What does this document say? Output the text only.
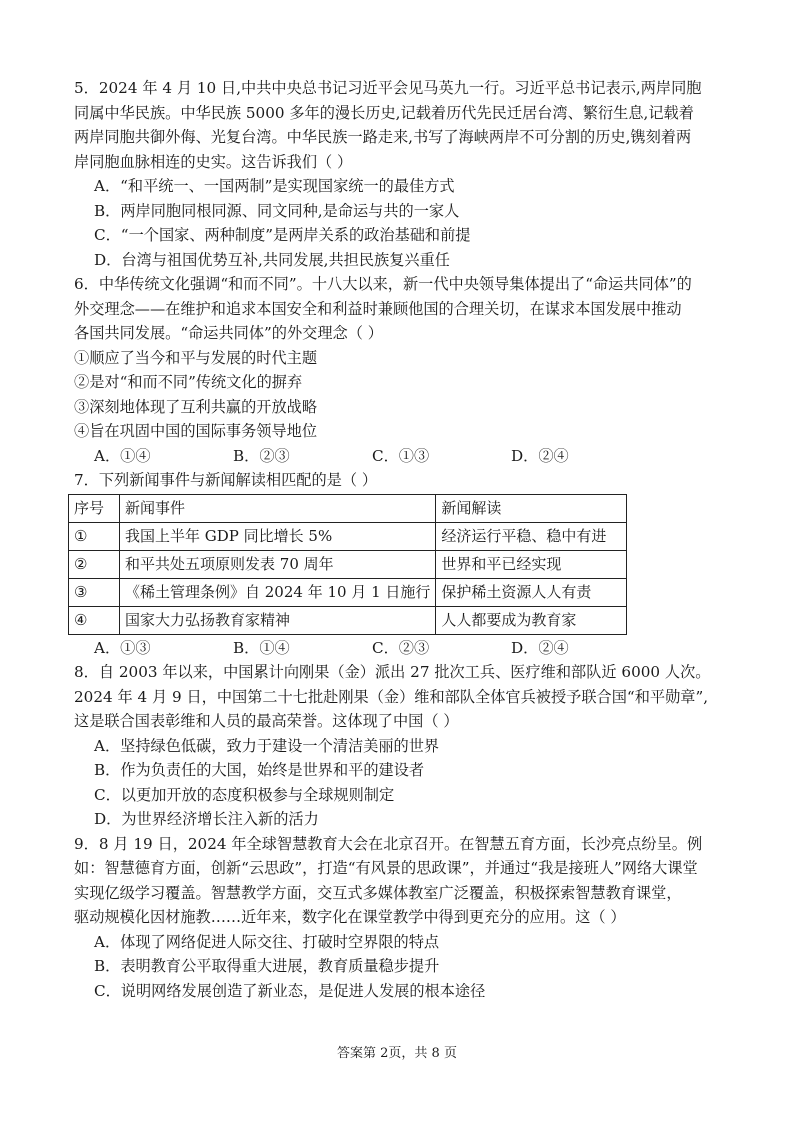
5．2024 年 4 月 10 日,中共中央总书记习近平会见马英九一行。习近平总书记表示,两岸同胞

同属中华民族。中华民族 5000 多年的漫长历史,记载着历代先民迁居台湾、繁衍生息,记载着

两岸同胞共御外侮、光复台湾。中华民族一路走来,书写了海峡两岸不可分割的历史,镌刻着两

岸同胞血脉相连的史实。这告诉我们（ ）

A．“和平统一、一国两制”是实现国家统一的最佳方式

B．两岸同胞同根同源、同文同种,是命运与共的一家人

C．“一个国家、两种制度”是两岸关系的政治基础和前提

D．台湾与祖国优势互补,共同发展,共担民族复兴重任

6．中华传统文化强调“和而不同”。十八大以来，新一代中央领导集体提出了“命运共同体”的

外交理念——在维护和追求本国安全和利益时兼顾他国的合理关切，在谋求本国发展中推动

各国共同发展。“命运共同体”的外交理念（ ）

①顺应了当今和平与发展的时代主题

②是对“和而不同”传统文化的摒弃

③深刻地体现了互利共赢的开放战略

④旨在巩固中国的国际事务领导地位

A．①④	B．②③	C．①③	D．②④

7．下列新闻事件与新闻解读相匹配的是（ ）

序号	新闻事件	新闻解读
①	我国上半年 GDP 同比增长 5%	经济运行平稳、稳中有进
②	和平共处五项原则发表 70 周年	世界和平已经实现
③	《稀土管理条例》自 2024 年 10 月 1 日施行	保护稀土资源人人有责
④	国家大力弘扬教育家精神	人人都要成为教育家
A．①③	B．①④	C．②③	D．②④

8．自 2003 年以来，中国累计向刚果（金）派出 27 批次工兵、医疗维和部队近 6000 人次。

2024 年 4 月 9 日，中国第二十七批赴刚果（金）维和部队全体官兵被授予联合国“和平勋章”,

这是联合国表彰维和人员的最高荣誉。这体现了中国（ ）

A．坚持绿色低碳，致力于建设一个清洁美丽的世界

B．作为负责任的大国，始终是世界和平的建设者

C．以更加开放的态度积极参与全球规则制定

D．为世界经济增长注入新的活力

9．8 月 19 日，2024 年全球智慧教育大会在北京召开。在智慧五育方面，长沙亮点纷呈。例

如：智慧德育方面，创新“云思政”，打造“有风景的思政课”，并通过“我是接班人”网络大课堂

实现亿级学习覆盖。智慧教学方面，交互式多媒体教室广泛覆盖，积极探索智慧教育课堂，

驱动规模化因材施教……近年来，数字化在课堂教学中得到更充分的应用。这（ ）

A．体现了网络促进人际交往、打破时空界限的特点

B．表明教育公平取得重大进展，教育质量稳步提升

C．说明网络发展创造了新业态，是促进人发展的根本途径

答案第 2页，共 8 页
